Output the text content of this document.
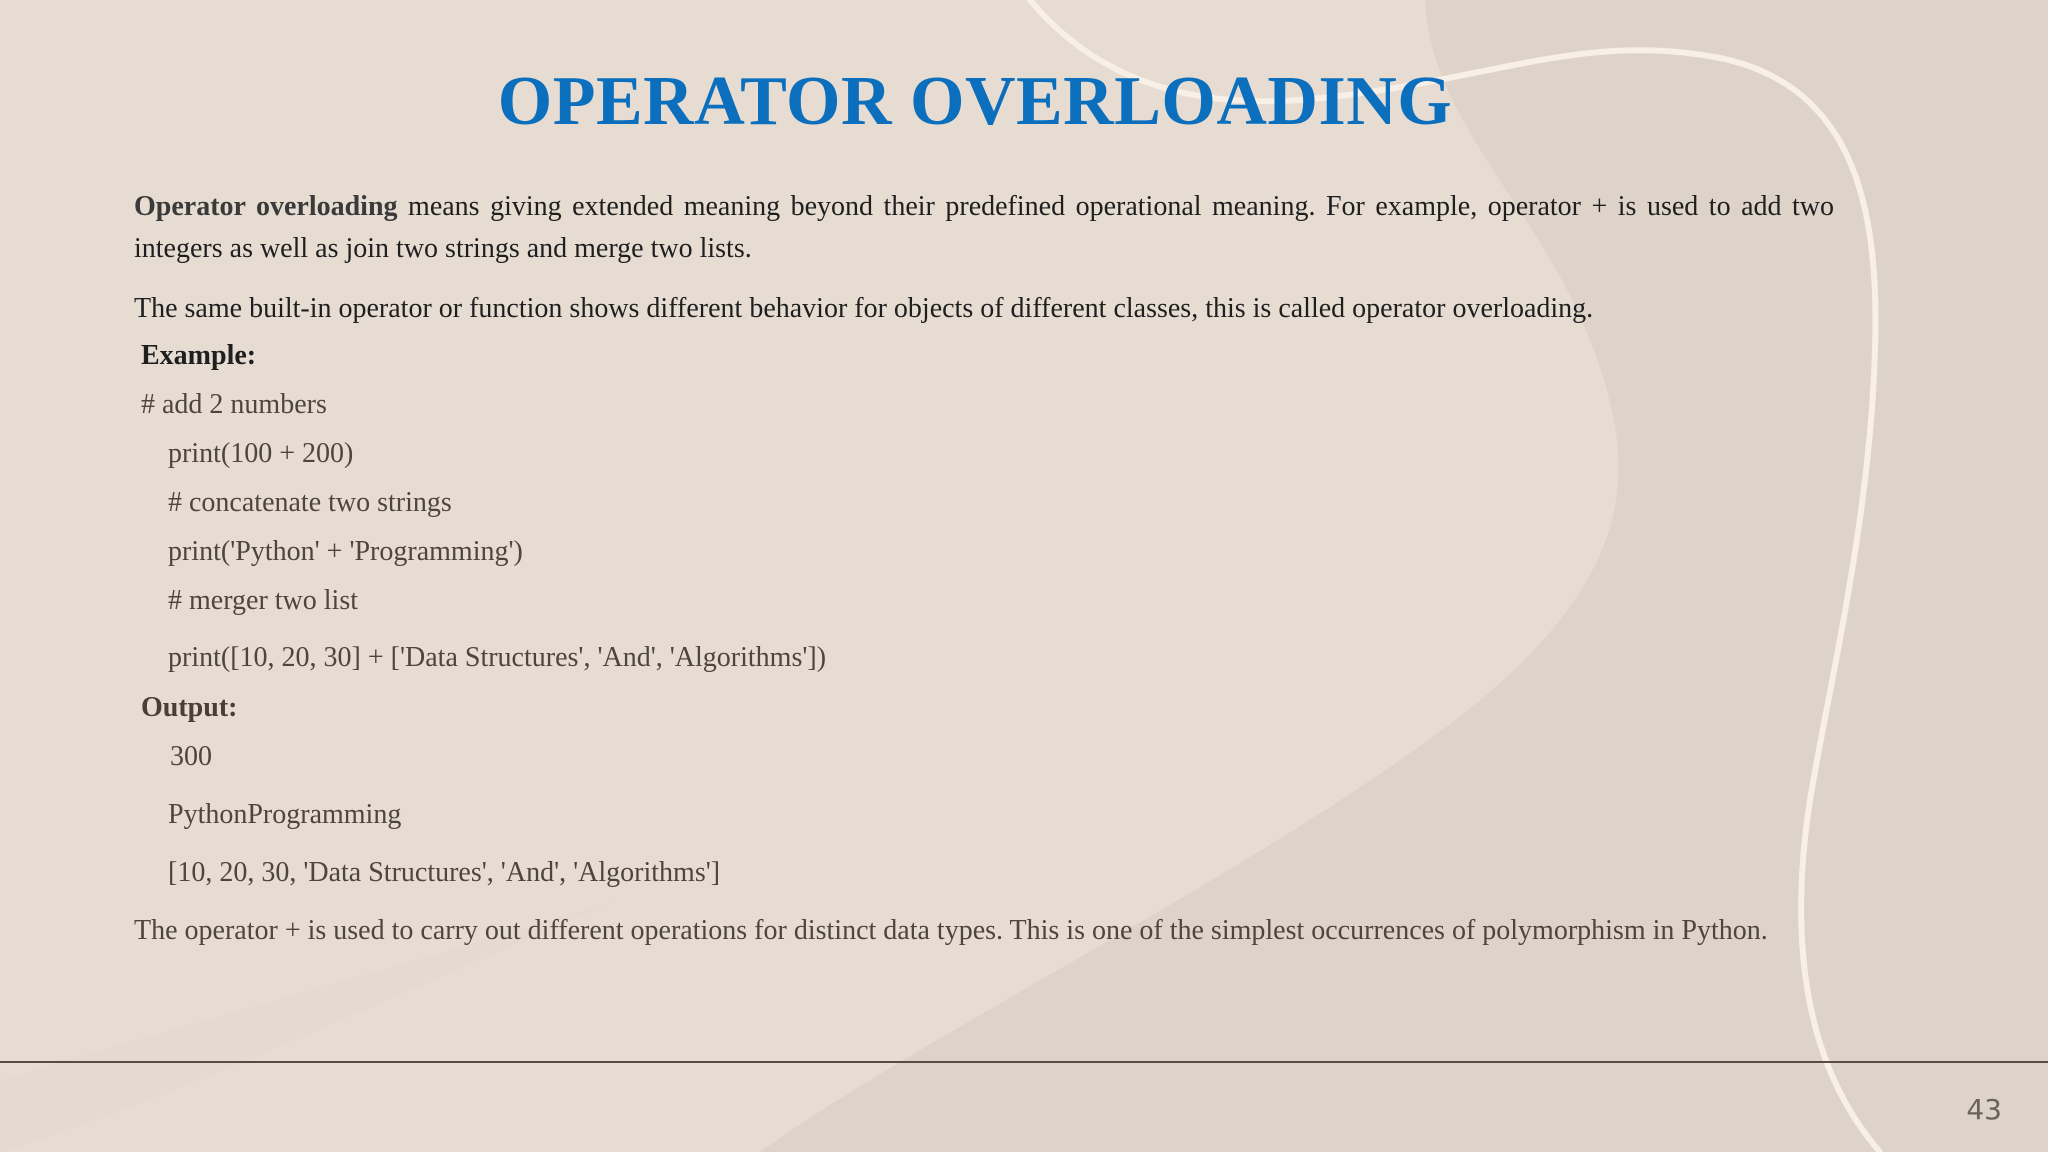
OPERATOR OVERLOADING
Operator overloading means giving extended meaning beyond their predefined operational meaning. For example, operator + is used to add two integers as well as join two strings and merge two lists.
The same built-in operator or function shows different behavior for objects of different classes, this is called operator overloading.
Example:
# add 2 numbers
print(100 + 200)
# concatenate two strings
print('Python' + 'Programming')
# merger two list
print([10, 20, 30] + ['Data Structures', 'And', 'Algorithms'])
Output:
300
PythonProgramming
[10, 20, 30, 'Data Structures', 'And', 'Algorithms']
The operator + is used to carry out different operations for distinct data types. This is one of the simplest occurrences of polymorphism in Python.
43
